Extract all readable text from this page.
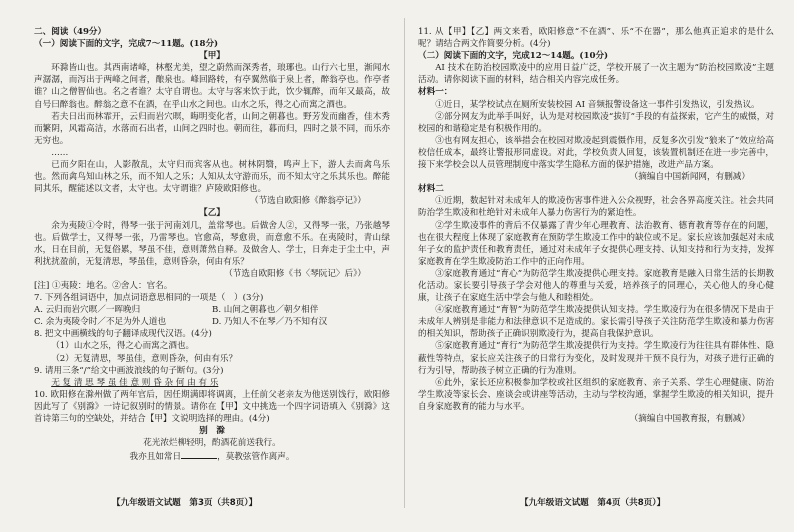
二、阅读（49分）

（一）阅读下面的文字，完成7～11题。(18分)

【甲】

环滁皆山也。其西南诸峰，林壑尤美，望之蔚然而深秀者，琅琊也。山行六七里，渐闻水声潺潺，而泻出于两峰之间者，酿泉也。峰回路转，有亭翼然临于泉上者，醉翁亭也。作亭者谁？山之僧智仙也。名之者谁？太守自谓也。太守与客来饮于此，饮少辄醉，而年又最高，故自号曰醉翁也。醉翁之意不在酒，在乎山水之间也。山水之乐，得之心而寓之酒也。

若夫日出而林霏开，云归而岩穴暝，晦明变化者，山间之朝暮也。野芳发而幽香，佳木秀而繁阴，风霜高洁，水落而石出者，山间之四时也。朝而往，暮而归，四时之景不同，而乐亦无穷也。

……

已而夕阳在山，人影散乱，太守归而宾客从也。树林阴翳，鸣声上下，游人去而禽鸟乐也。然而禽鸟知山林之乐，而不知人之乐；人知从太守游而乐，而不知太守之乐其乐也。醉能同其乐，醒能述以文者，太守也。太守谓谁？庐陵欧阳修也。

（节选自欧阳修《醉翁亭记》）

【乙】

余为夷陵①令时，得琴一张于河南刘几，盖常琴也。后做舍人②，又得琴一张，乃张越琴也。后做学士，又得琴一张，乃雷琴也。官愈高，琴愈贵，而意愈不乐。在夷陵时，青山绿水，日在目前，无复俗累，琴虽不佳，意则萧然自释。及做舍人、学士，日奔走于尘土中，声利扰扰盈前，无复清思，琴虽佳，意则昏杂，何由有乐？

（节选自欧阳修《书〈琴阮记〉后》）

[注] ①夷陵：地名。②舍人：官名。

7. 下列各组词语中，加点词语意思相同的一项是（　）(3分)

A. 云归而岩穴暝／一晖晚归	B. 山间之朝暮也／朝夕相伴
C. 余为夷陵令时／不足为外人道也	D. 乃知人不在琴／乃不知有汉

8. 把文中画横线的句子翻译成现代汉语。(4分)

（1）山水之乐，得之心而寓之酒也。

（2）无复清思，琴虽佳，意则昏杂，何由有乐？

9. 请用三条“/”给文中画波浪线的句子断句。(3分)

无 复 清 思 琴 虽 佳 意 则 昏 杂 何 由 有 乐

10. 欧阳修在滁州做了两年官后，因任期满即将调离，上任前父老亲友为他送别饯行，欧阳修因此写了《别滁》一诗记叙别时的情景。请你在【甲】文中挑选一个四字词语填入《别滁》这首诗第三句的空缺处，并结合【甲】文说明选择的理由。(4分)

别　滁

花光浓烂柳轻明，酌酒花前送我行。

我亦且如常日	，莫教弦管作离声。

11. 从【甲】【乙】两文来看，欧阳修意“不在酒”、乐“不在器”，那么他真正追求的是什么呢？请结合两文作简要分析。(4分)

（二）阅读下面的文字，完成12～14题。(10分)

AI 技术在防治校园欺凌中的应用日益广泛，学校开展了一次主题为“防治校园欺凌”主题活动。请你阅读下面的材料，结合相关内容完成任务。

材料一：

①近日，某学校试点在厕所安装校园 AI 音频报警设备这一事件引发热议，引发热议。

②部分网友为此举手叫好，认为是对校园欺凌“拔钉”手段的有益探索，它产生的威慑，对校园的和谐稳定是有积极作用的。

③也有网友担心，该举措会在校园对欺凌起到震慑作用，反复多次引发“狼来了”效应给高校信任成本，最终让警报形同虚设。对此，学校负责人回复，该装置机制还在进一步完善中，接下来学校会以人员管理制度中落实学生隐私方面的保护措施，改进产品方案。

（摘编自中国新闻网，有删减）

材料二

①近期，数起针对未成年人的欺凌伤害事件进入公众视野，社会各界高度关注。社会共同防治学生欺凌和杜绝针对未成年人暴力伤害行为的紧迫性。

②学生欺凌事件的背后不仅暴露了青少年心理教育、法治教育、德育教育等存在的问题，也在很大程度上体现了家庭教育在预防学生欺凌工作中的缺位或不足。家长应该加强起对未成年子女的监护责任和教育责任，通过对未成年子女提供心理支持、认知支持和行为支持，发挥家庭教育在学生欺凌防治工作中的正向作用。

③家庭教育通过“育心”为防范学生欺凌提供心理支持。家庭教育是融入日常生活的长期教化活动。家长要引导孩子学会对他人的尊重与关爱，培养孩子的同理心，关心他人的身心健康，让孩子在家庭生活中学会与他人和睦相处。

④家庭教育通过“育智”为防范学生欺凌提供认知支持。学生欺凌行为在很多情况下是由于未成年人辨别是非能力和法律意识不足造成的。家长需引导孩子关注防范学生欺凌和暴力伤害的相关知识，帮助孩子正确识别欺凌行为，提高自我保护意识。

⑤家庭教育通过“育行”为防范学生欺凌提供行为支持。学生欺凌行为往往具有群体性、隐蔽性等特点，家长应关注孩子的日常行为变化，及时发现并干预不良行为，对孩子进行正确的行为引导，帮助孩子树立正确的行为准则。

⑥此外，家长还应积极参加学校或社区组织的家庭教育、亲子关系、学生心理健康、防治学生欺凌等家长会、座谈会或讲座等活动，主动与学校沟通，掌握学生欺凌的相关知识，提升自身家庭教育的能力与水平。

（摘编自中国教育报，有删减）

【九年级语文试题　第3页（共8页）】	【九年级语文试题　第4页（共8页）】
